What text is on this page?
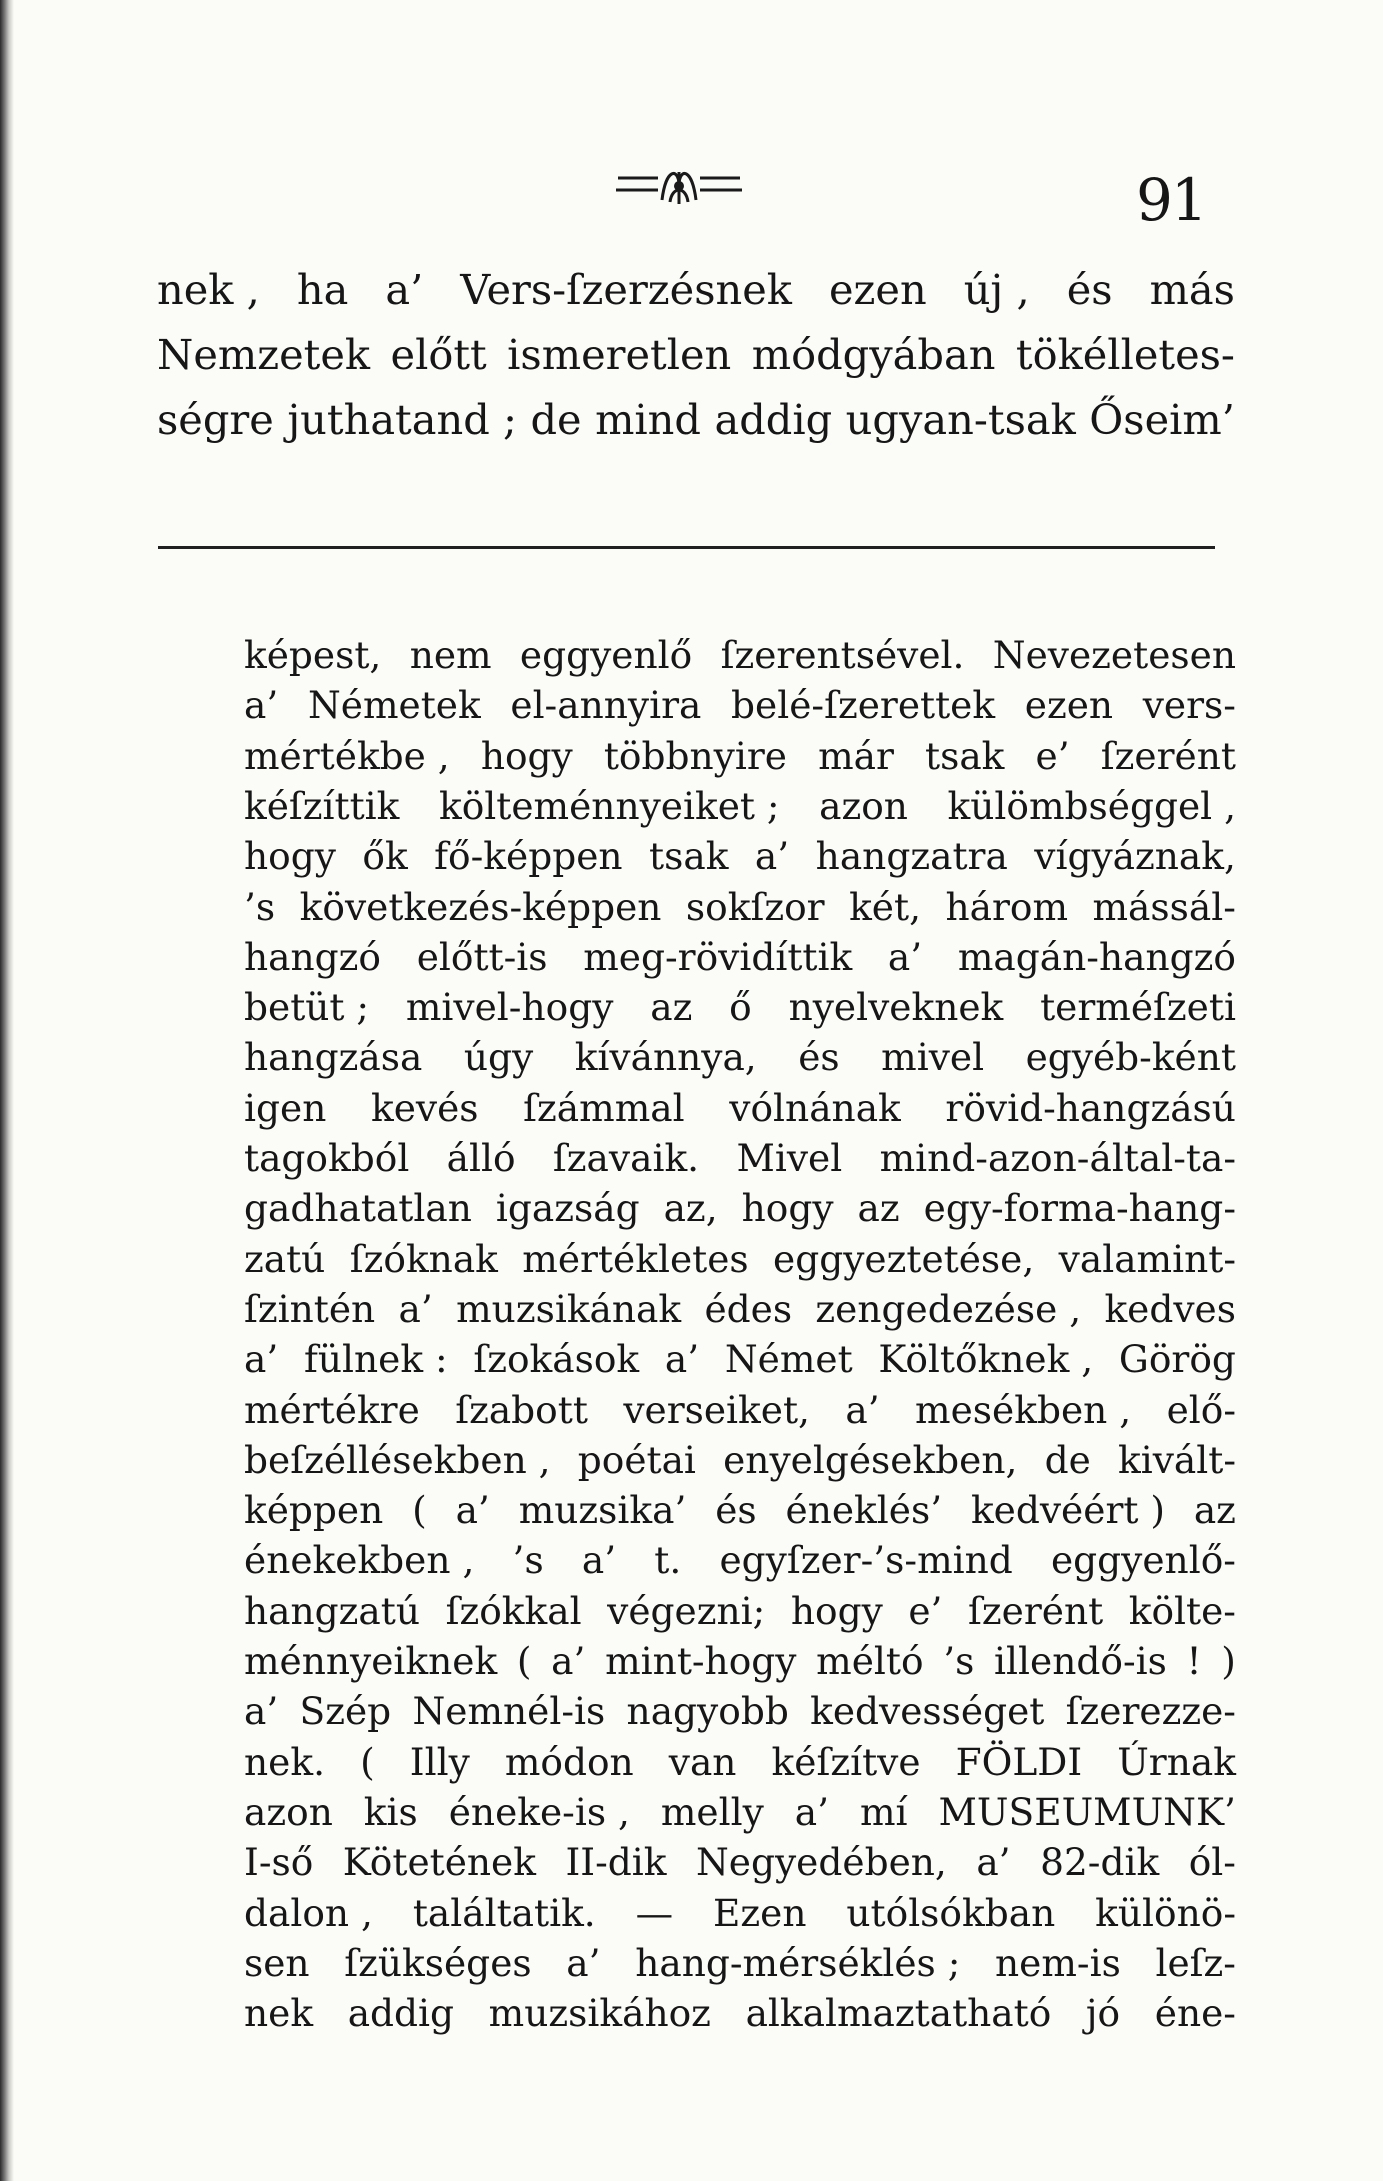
91
nek , ha a’ Vers-ſzerzésnek ezen új , és más
Nemzetek előtt ismeretlen módgyában tökélletes-
ségre juthatand ; de mind addig ugyan-tsak Őseim’
képest, nem eggyenlő ſzerentsével. Nevezetesen
a’ Németek el-annyira belé-ſzerettek ezen vers-
mértékbe , hogy többnyire már tsak e’ ſzerént
kéſzíttik költeménnyeiket ; azon külömbséggel ,
hogy ők fő-képpen tsak a’ hangzatra vígyáznak,
’s következés-képpen sokſzor két, három mássál-
hangzó előtt-is meg-rövidíttik a’ magán-hangzó
betüt ; mivel-hogy az ő nyelveknek terméſzeti
hangzása úgy kívánnya, és mivel egyéb-ként
igen kevés ſzámmal vólnának rövid-hangzású
tagokból álló ſzavaik. Mivel mind-azon-által-ta-
gadhatatlan igazság az, hogy az egy-forma-hang-
zatú ſzóknak mértékletes eggyeztetése, valamint-
ſzintén a’ muzsikának édes zengedezése , kedves
a’ fülnek : ſzokások a’ Német Költőknek , Görög
mértékre ſzabott verseiket, a’ mesékben , elő-
beſzéllésekben , poétai enyelgésekben, de kivált-
képpen ( a’ muzsika’ és éneklés’ kedvéért ) az
énekekben , ’s a’ t. egyſzer-’s-mind eggyenlő-
hangzatú ſzókkal végezni; hogy e’ ſzerént költe-
ménnyeiknek ( a’ mint-hogy méltó ’s illendő-is ! )
a’ Szép Nemnél-is nagyobb kedvességet ſzerezze-
nek. ( Illy módon van kéſzítve FÖLDI Úrnak
azon kis éneke-is , melly a’ mí MUSEUMUNK’
I-ső Kötetének II-dik Negyedében, a’ 82-dik ól-
dalon , találtatik. — Ezen utólsókban különö-
sen ſzükséges a’ hang-mérséklés ; nem-is leſz-
nek addig muzsikához alkalmaztatható jó éne-
